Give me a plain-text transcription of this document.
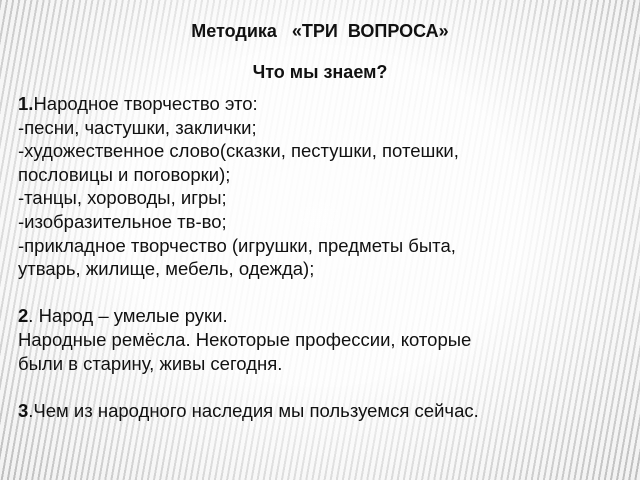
Методика   «ТРИ  ВОПРОСА»
Что мы знаем?
1.Народное творчество это:
-песни, частушки, заклички;
-художественное слово(сказки, пестушки, потешки,
пословицы и поговорки);
-танцы, хороводы, игры;
-изобразительное тв-во;
-прикладное творчество (игрушки, предметы быта,
утварь, жилище, мебель, одежда);
2. Народ – умелые руки.
Народные ремёсла. Некоторые профессии, которые
были в старину, живы сегодня.
3.Чем из народного наследия мы пользуемся сейчас.
